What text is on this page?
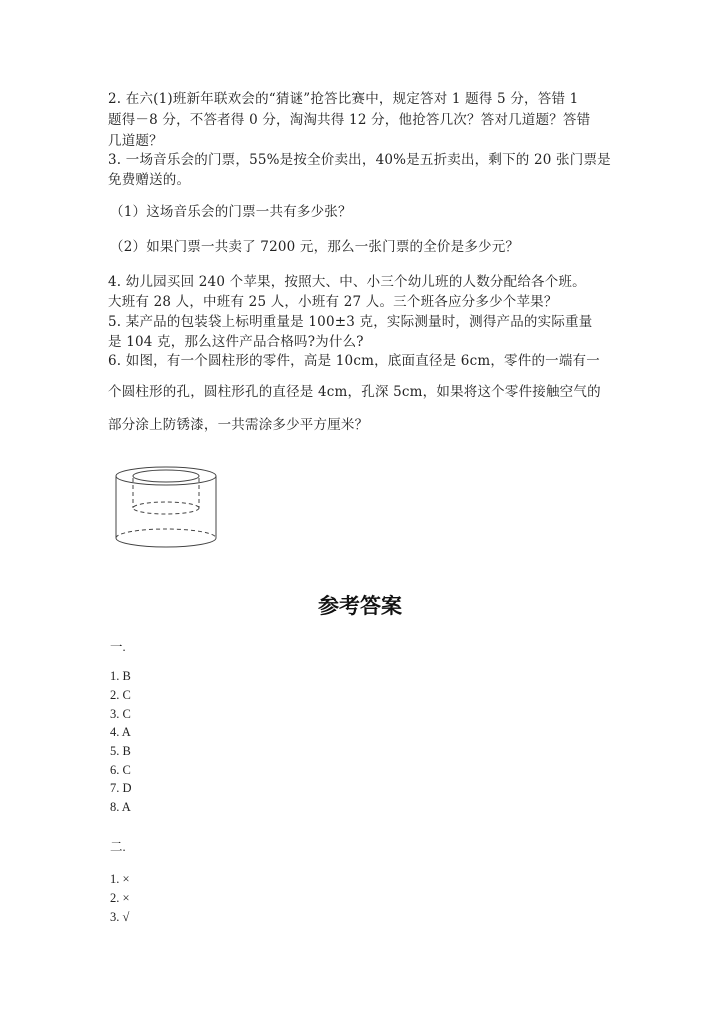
2. 在六(1)班新年联欢会的“猜谜”抢答比赛中，规定答对 1 题得 5 分，答错 1
题得－8 分，不答者得 0 分，淘淘共得 12 分，他抢答几次？答对几道题？答错
几道题？
3. 一场音乐会的门票，55%是按全价卖出，40%是五折卖出，剩下的 20 张门票是
免费赠送的。
（1）这场音乐会的门票一共有多少张？
（2）如果门票一共卖了 7200 元，那么一张门票的全价是多少元？
4. 幼儿园买回 240 个苹果，按照大、中、小三个幼儿班的人数分配给各个班。
大班有 28 人，中班有 25 人，小班有 27 人。三个班各应分多少个苹果？
5. 某产品的包装袋上标明重量是 100±3 克，实际测量时，测得产品的实际重量
是 104 克，那么这件产品合格吗?为什么?
6. 如图，有一个圆柱形的零件，高是 10cm，底面直径是 6cm，零件的一端有一
个圆柱形的孔，圆柱形孔的直径是 4cm，孔深 5cm，如果将这个零件接触空气的
部分涂上防锈漆，一共需涂多少平方厘米？
参考答案
一.
1. B
2. C
3. C
4. A
5. B
6. C
7. D
8. A
二.
1. ×
2. ×
3. √
